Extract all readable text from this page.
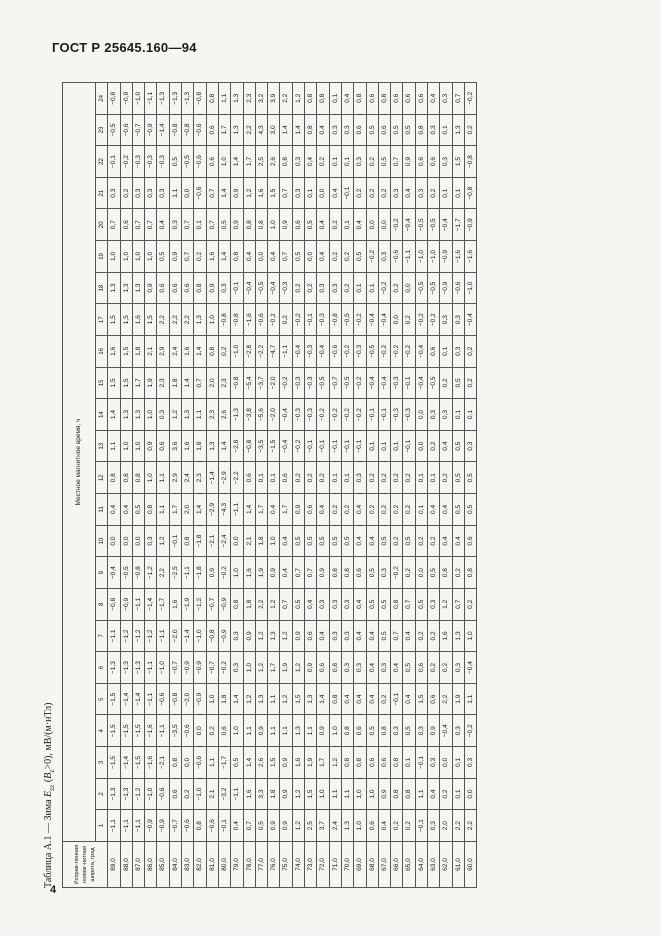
ГОСТ Р 25645.160—94
Таблица А.1 — Зима $E_{zz}$ $(B_z>0)$, мВ/(м·нТл)
Исправ-ленная геомаг-нитная широта, град	Местное магнитное время, ч																							
	1	2	3	4	5	6	7	8	9	10	11	12	13	14	15	16	17	18	19	20	21	22	23	24
89,0	−1,1	−1,3	−1,5	−1,5	−1,5	−1,3	−1,1	−0,8	−0,4	0,0	0,4	0,8	1,1	1,4	1,5	1,6	1,5	1,3	1,0	0,7	0,3	−0,1	−0,5	−0,8
88,0	−1,1	−1,3	−1,4	−1,5	−1,4	−1,3	−1,2	−0,9	−0,5	0,0	0,4	0,8	1,0	1,3	1,5	1,5	1,5	1,3	1,0	0,6	0,2	−0,2	−0,6	−0,9
87,0	−1,1	−1,2	−1,5	−1,5	−1,4	−1,3	−1,2	−1,1	−0,8	0,0	0,5	0,8	1,0	1,3	1,7	1,8	1,6	1,3	1,0	0,7	0,3	−0,3	−0,7	−1,0
86,0	−0,9	−1,0	−1,6	−1,6	−1,1	−1,1	−1,2	−1,4	−1,2	0,3	0,8	1,0	0,9	1,0	1,9	2,1	1,5	0,9	1,0	0,7	0,3	−0,3	−0,9	−1,1
85,0	−0,9	−0,6	−2,1	−1,1	−0,6	−1,0	−1,1	−1,7	2,2	1,2	1,1	1,1	0,6	0,3	2,3	2,9	2,2	0,6	0,5	0,4	0,3	−0,3	−1,4	−1,3
84,0	−0,7	0,6	0,8	−3,5	−0,8	−0,7	−2,0	1,6	−2,5	−0,1	1,7	2,9	3,6	1,2	1,8	2,4	2,2	0,6	0,9	0,3	1,1	0,5	−0,8	−1,3
83,0	−0,6	0,2	0,0	−0,6	−2,0	−0,9	−1,4	−1,9	−1,1	0,8	2,0	2,4	1,6	1,3	1,4	1,6	2,2	0,6	0,7	0,7	0,0	−0,5	−0,8	−1,3
82,0	0,8	−1,0	−0,6	0,0	−0,9	−0,9	−1,0	−1,2	−1,8	−1,8	1,4	2,3	1,8	1,1	0,7	1,4	1,3	0,8	0,2	0,1	−0,6	−0,6	−0,6	−0,8
81,0	−0,6	2,1	1,1	0,2	1,0	−0,7	−0,8	−0,7	0,9	−2,1	−2,9	−1,4	1,3	2,3	2,0	0,8	1,0	0,9	1,6	0,7	0,7	0,6	0,6	0,8
80,0	−0,1	−3,2	−1,7	0,6	1,8	−0,2	−0,9	−0,9	−0,2	−2,4	−4,3	−2,9	1,4	2,6	2,3	0,2	−0,8	0,3	1,4	0,5	1,4	1,0	1,7	1,1
79,0	0,4	−1,1	0,5	1,0	1,4	0,3	0,3	0,8	1,0	0,0	−1,1	−2,2	−2,8	−1,3	−0,8	−1,0	−0,8	−0,1	0,8	0,9	0,9	1,4	1,3	1,3
78,0	0,7	1,6	1,4	1,1	1,2	1,0	0,9	1,8	1,6	2,1	1,4	0,6	−0,8	−3,8	−5,4	−2,8	−1,6	−0,4	0,4	0,8	1,2	1,7	2,2	2,3
77,0	0,5	3,3	2,6	0,9	1,3	1,2	1,2	2,2	1,9	1,8	1,7	0,1	−3,5	−5,6	−3,7	−2,2	−0,6	−0,5	0,0	0,8	1,6	2,5	4,3	3,2
76,0	0,9	1,8	1,5	1,1	1,1	1,7	1,3	1,2	0,9	1,0	0,4	0,1	−1,5	−2,0	−2,0	−4,7	−0,2	−0,4	0,4	1,0	1,5	2,6	3,0	3,9
75,0	0,9	0,9	0,9	1,1	1,2	1,9	1,2	0,7	0,4	0,4	1,7	0,6	−0,4	−0,4	−0,2	−1,1	0,2	−0,3	0,7	0,9	0,7	0,8	1,4	2,2
74,0	1,2	1,2	1,6	1,3	1,5	1,2	0,9	0,5	0,7	0,5	0,9	0,2	−0,2	−0,3	−0,3	−0,4	−0,2	0,2	0,5	0,6	0,3	0,3	1,4	1,2
73,0	2,5	1,5	1,9	1,1	1,3	0,9	0,6	0,4	0,7	0,5	0,6	0,2	−0,1	−0,3	−0,3	−0,3	−0,1	0,2	0,0	0,5	0,1	0,4	0,8	0,8
72,0	3,7	1,0	1,7	0,9	1,4	0,6	0,4	0,3	0,9	0,5	0,4	0,2	−0,1	−0,2	−0,5	−0,4	−0,3	0,3	0,4	0,4	0,0	0,2	0,4	0,8
71,0	2,4	1,1	1,2	1,0	0,8	0,8	0,3	0,3	0,8	0,5	0,2	0,1	−0,1	−0,2	−0,7	−0,6	−0,8	0,3	0,2	0,2	0,4	0,1	0,3	0,1
70,0	1,3	1,1	0,8	0,8	0,4	0,3	0,3	0,3	0,8	0,5	0,2	0,1	−0,1	−0,2	−0,5	−0,2	−0,5	0,2	0,2	0,1	−0,1	0,1	0,3	0,4
69,0	1,0	1,0	0,8	0,6	0,4	0,3	0,4	0,4	0,6	0,4	0,4	0,3	−0,1	−0,2	−0,2	−0,3	−0,2	0,1	0,5	0,4	0,2	0,3	0,6	0,8
68,0	0,6	1,0	0,6	0,5	0,4	0,4	0,4	0,5	0,5	0,4	0,2	0,2	0,1	−0,1	−0,4	−0,5	−0,4	0,1	−0,2	0,0	0,2	0,2	0,5	0,6
67,0	0,4	0,9	0,6	0,8	0,2	0,3	0,5	0,5	0,3	0,5	0,2	0,2	0,1	−0,1	−0,4	−0,2	−0,4	−0,2	0,3	0,0	0,2	0,5	0,6	0,8
66,0	0,2	0,8	0,8	0,3	−0,1	0,4	0,7	0,8	−0,2	0,2	0,2	0,2	0,1	−0,3	−0,3	−0,2	0,0	0,2	−0,6	−0,2	0,3	0,7	0,5	0,6
65,0	0,2	0,8	0,1	0,5	0,4	0,5	0,4	0,7	0,2	0,5	0,2	0,2	−0,1	−0,3	−0,1	−0,2	0,2	0,0	−1,1	−0,4	0,4	0,9	0,5	0,6
64,0	−0,1	1,1	−0,1	0,3	1,5	0,6	0,2	0,5	0,0	0,2	0,1	0,1	0,0	0,0	−0,4	−0,4	−0,2	−0,5	−1,0	−0,5	0,3	0,6	0,8	0,6
63,0	0,3	0,4	0,3	0,9	0,6	0,2	0,2	0,3	0,5	0,2	0,4	0,1	0,2	0,3	−0,5	0,6	−0,2	−0,5	−1,0	−0,5	0,2	0,6	0,3	0,4
62,0	2,0	0,2	0,0	−0,4	2,2	0,2	1,6	1,2	0,8	0,4	0,4	0,2	0,4	0,3	0,2	0,1	0,3	−0,9	−0,9	−0,4	0,1	0,3	0,1	0,3
61,0	2,2	0,1	0,1	0,3	1,9	0,3	1,3	0,7	0,2	0,4	0,5	0,5	0,5	0,1	0,5	0,3	0,3	−0,6	−1,6	−1,7	0,1	1,5	1,3	0,7
60,0	2,2	0,0	0,3	−0,2	1,1	−0,4	1,0	0,2	0,8	0,6	0,5	0,5	0,3	0,1	0,2	0,2	−0,4	−1,0	−1,6	−0,9	−0,8	−0,8	0,2	−0,2
4
